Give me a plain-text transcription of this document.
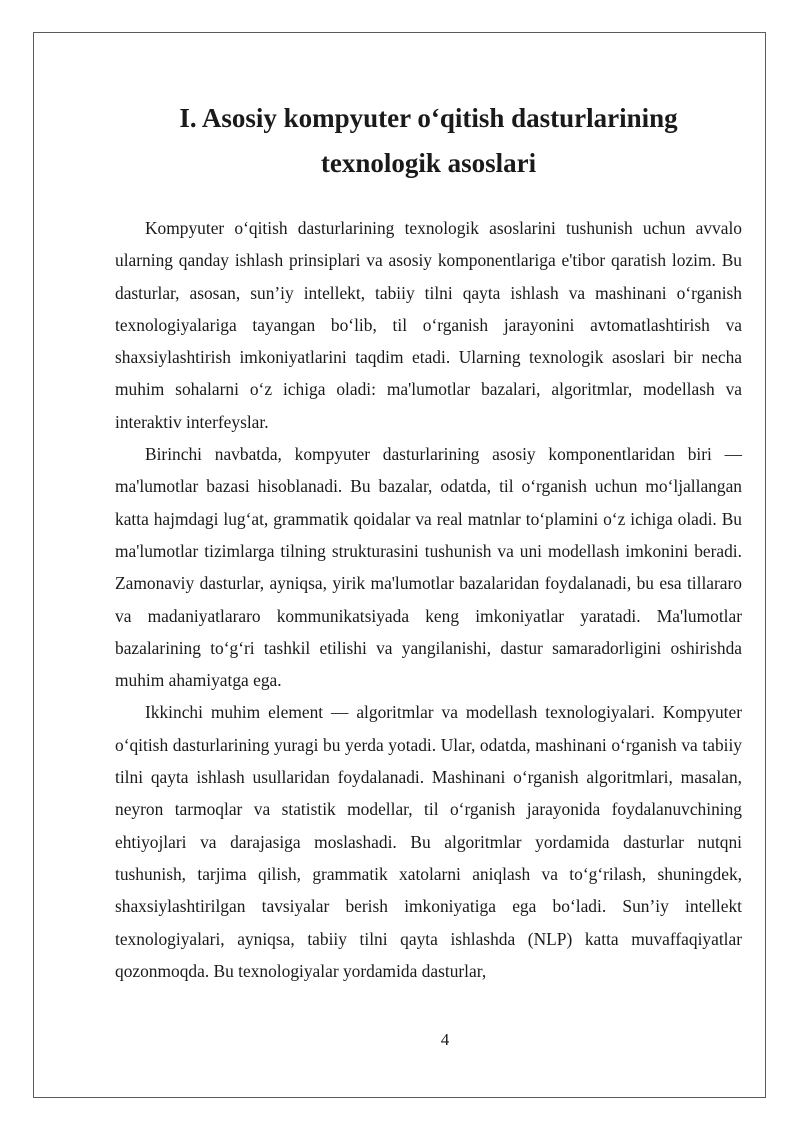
I. Asosiy kompyuter o‘qitish dasturlarining
texnologik asoslari

Kompyuter o‘qitish dasturlarining texnologik asoslarini tushunish uchun avvalo ularning qanday ishlash prinsiplari va asosiy komponentlariga e'tibor qaratish lozim. Bu dasturlar, asosan, sun’iy intellekt, tabiiy tilni qayta ishlash va mashinani o‘rganish texnologiyalariga tayangan bo‘lib, til o‘rganish jarayonini avtomatlashtirish va shaxsiylashtirish imkoniyatlarini taqdim etadi. Ularning texnologik asoslari bir necha muhim sohalarni o‘z ichiga oladi: ma'lumotlar bazalari, algoritmlar, modellash va interaktiv interfeyslar.

Birinchi navbatda, kompyuter dasturlarining asosiy komponentlaridan biri — ma'lumotlar bazasi hisoblanadi. Bu bazalar, odatda, til o‘rganish uchun mo‘ljallangan katta hajmdagi lug‘at, grammatik qoidalar va real matnlar to‘plamini o‘z ichiga oladi. Bu ma'lumotlar tizimlarga tilning strukturasini tushunish va uni modellash imkonini beradi. Zamonaviy dasturlar, ayniqsa, yirik ma'lumotlar bazalaridan foydalanadi, bu esa tillararo va madaniyatlararo kommunikatsiyada keng imkoniyatlar yaratadi. Ma'lumotlar bazalarining to‘g‘ri tashkil etilishi va yangilanishi, dastur samaradorligini oshirishda muhim ahamiyatga ega.

Ikkinchi muhim element — algoritmlar va modellash texnologiyalari. Kompyuter o‘qitish dasturlarining yuragi bu yerda yotadi. Ular, odatda, mashinani o‘rganish va tabiiy tilni qayta ishlash usullaridan foydalanadi. Mashinani o‘rganish algoritmlari, masalan, neyron tarmoqlar va statistik modellar, til o‘rganish jarayonida foydalanuvchining ehtiyojlari va darajasiga moslashadi. Bu algoritmlar yordamida dasturlar nutqni tushunish, tarjima qilish, grammatik xatolarni aniqlash va to‘g‘rilash, shuningdek, shaxsiylashtirilgan tavsiyalar berish imkoniyatiga ega bo‘ladi. Sun’iy intellekt texnologiyalari, ayniqsa, tabiiy tilni qayta ishlashda (NLP) katta muvaffaqiyatlar qozonmoqda. Bu texnologiyalar yordamida dasturlar,

4
